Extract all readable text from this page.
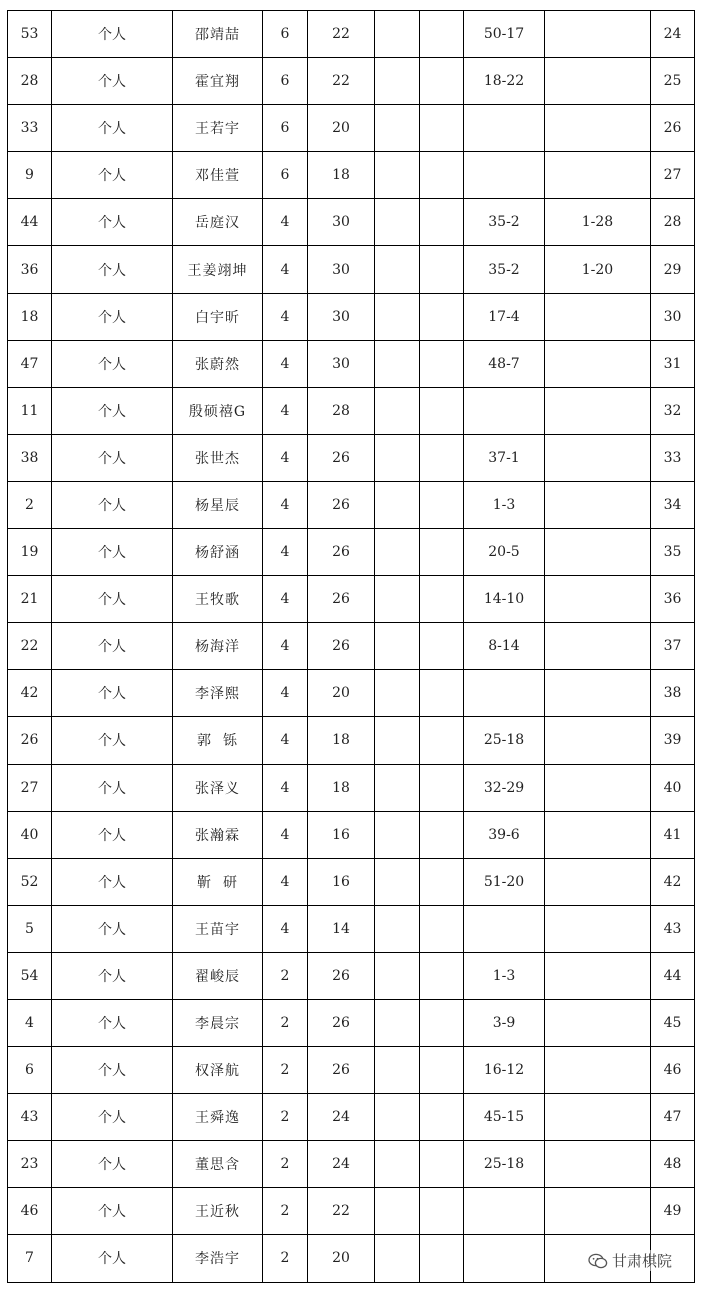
53	个人	邵靖喆	6	22			50-17		24
28	个人	霍宜翔	6	22			18-22		25
33	个人	王若宇	6	20					26
9	个人	邓佳萱	6	18					27
44	个人	岳庭汉	4	30			35-2	1-28	28
36	个人	王姜翊坤	4	30			35-2	1-20	29
18	个人	白宇昕	4	30			17-4		30
47	个人	张蔚然	4	30			48-7		31
11	个人	殷硕禧G	4	28					32
38	个人	张世杰	4	26			37-1		33
2	个人	杨星辰	4	26			1-3		34
19	个人	杨舒涵	4	26			20-5		35
21	个人	王牧歌	4	26			14-10		36
22	个人	杨海洋	4	26			8-14		37
42	个人	李泽熙	4	20					38
26	个人	郭  铄	4	18			25-18		39
27	个人	张泽义	4	18			32-29		40
40	个人	张瀚霖	4	16			39-6		41
52	个人	靳  研	4	16			51-20		42
5	个人	王苗宇	4	14					43
54	个人	翟峻辰	2	26			1-3		44
4	个人	李晨宗	2	26			3-9		45
6	个人	权泽航	2	26			16-12		46
43	个人	王舜逸	2	24			45-15		47
23	个人	董思含	2	24			25-18		48
46	个人	王近秋	2	22					49
7	个人	李浩宇	2	20						甘肃棋院
